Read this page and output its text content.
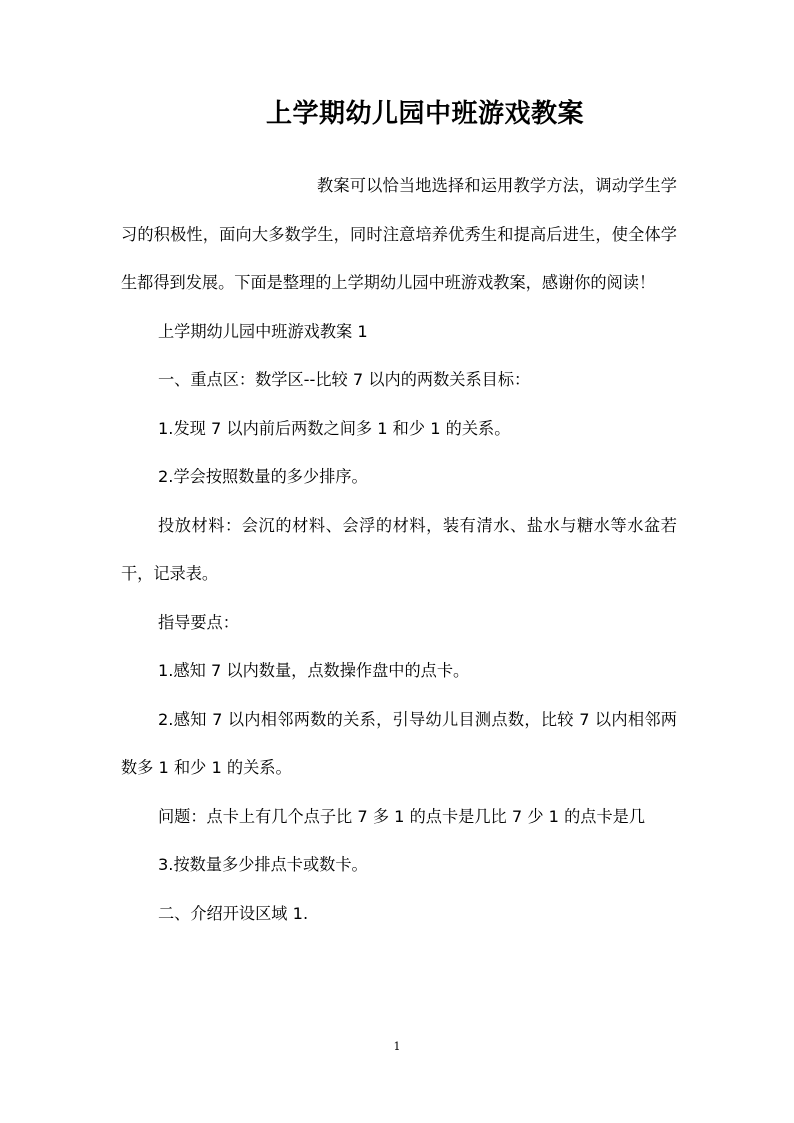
上学期幼儿园中班游戏教案

教案可以恰当地选择和运用教学方法，调动学生学习的积极性，面向大多数学生，同时注意培养优秀生和提高后进生，使全体学生都得到发展。下面是整理的上学期幼儿园中班游戏教案，感谢你的阅读！

上学期幼儿园中班游戏教案 1

一、重点区：数学区--比较 7 以内的两数关系目标：

1.发现 7 以内前后两数之间多 1 和少 1 的关系。

2.学会按照数量的多少排序。

投放材料：会沉的材料、会浮的材料，装有清水、盐水与糖水等水盆若干，记录表。

指导要点：

1.感知 7 以内数量，点数操作盘中的点卡。

2.感知 7 以内相邻两数的关系，引导幼儿目测点数，比较 7 以内相邻两数多 1 和少 1 的关系。

问题：点卡上有几个点子比 7 多 1 的点卡是几比 7 少 1 的点卡是几

3.按数量多少排点卡或数卡。

二、介绍开设区域 1.

1
